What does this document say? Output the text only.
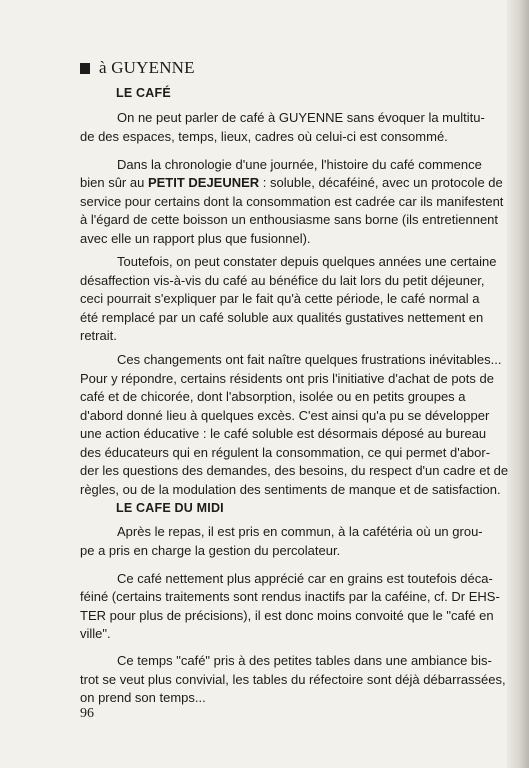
à GUYENNE
LE CAFÉ
On ne peut parler de café à GUYENNE sans évoquer la multitu-
de des espaces, temps, lieux, cadres où celui-ci est consommé.
Dans la chronologie d'une journée, l'histoire du café commence
bien sûr au PETIT DEJEUNER : soluble, décaféiné, avec un protocole de
service pour certains dont la consommation est cadrée car ils manifestent
à l'égard de cette boisson un enthousiasme sans borne (ils entretiennent
avec elle un rapport plus que fusionnel).
Toutefois, on peut constater depuis quelques années une certaine
désaffection vis-à-vis du café au bénéfice du lait lors du petit déjeuner,
ceci pourrait s'expliquer par le fait qu'à cette période, le café normal a
été remplacé par un café soluble aux qualités gustatives nettement en
retrait.
Ces changements ont fait naître quelques frustrations inévitables...
Pour y répondre, certains résidents ont pris l'initiative d'achat de pots de
café et de chicorée, dont l'absorption, isolée ou en petits groupes a
d'abord donné lieu à quelques excès. C'est ainsi qu'a pu se développer
une action éducative : le café soluble est désormais déposé au bureau
des éducateurs qui en régulent la consommation, ce qui permet d'abor-
der les questions des demandes, des besoins, du respect d'un cadre et de
règles, ou de la modulation des sentiments de manque et de satisfaction.
LE CAFE DU MIDI
Après le repas, il est pris en commun, à la cafétéria où un grou-
pe a pris en charge la gestion du percolateur.
Ce café nettement plus apprécié car en grains est toutefois déca-
féiné (certains traitements sont rendus inactifs par la caféine, cf. Dr EHS-
TER pour plus de précisions), il est donc moins convoité que le "café en
ville".
Ce temps "café" pris à des petites tables dans une ambiance bis-
trot se veut plus convivial, les tables du réfectoire sont déjà débarrassées,
on prend son temps...
96
